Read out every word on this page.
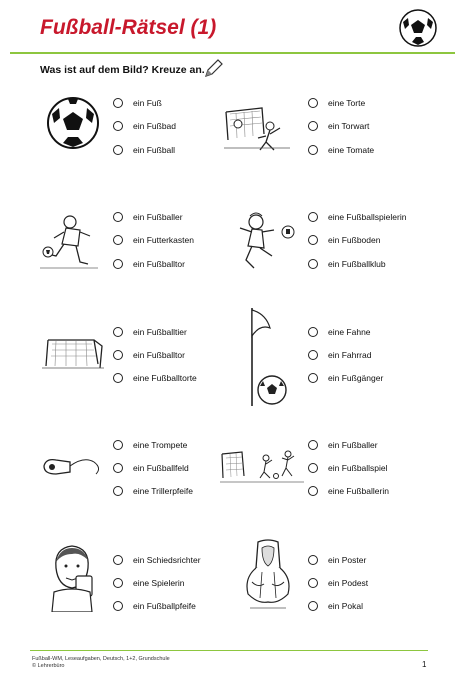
Fußball-Rätsel (1)
Was ist auf dem Bild? Kreuze an.
ein Fuß
ein Fußbad
ein Fußball
eine Torte
ein Torwart
eine Tomate
ein Fußballer
ein Futterkasten
ein Fußballtor
eine Fußballspielerin
ein Fußboden
ein Fußballklub
ein Fußballtier
ein Fußballtor
eine Fußballtorte
eine Fahne
ein Fahrrad
ein Fußgänger
eine Trompete
ein Fußballfeld
eine Trillerpfeife
ein Fußballer
ein Fußballspiel
eine Fußballerin
ein Schiedsrichter
eine Spielerin
ein Fußballpfeife
ein Poster
ein Podest
ein Pokal
Fußball-WM, Leseaufgaben, Deutsch, 1+2, Grundschule
© Lehrerbüro	1
